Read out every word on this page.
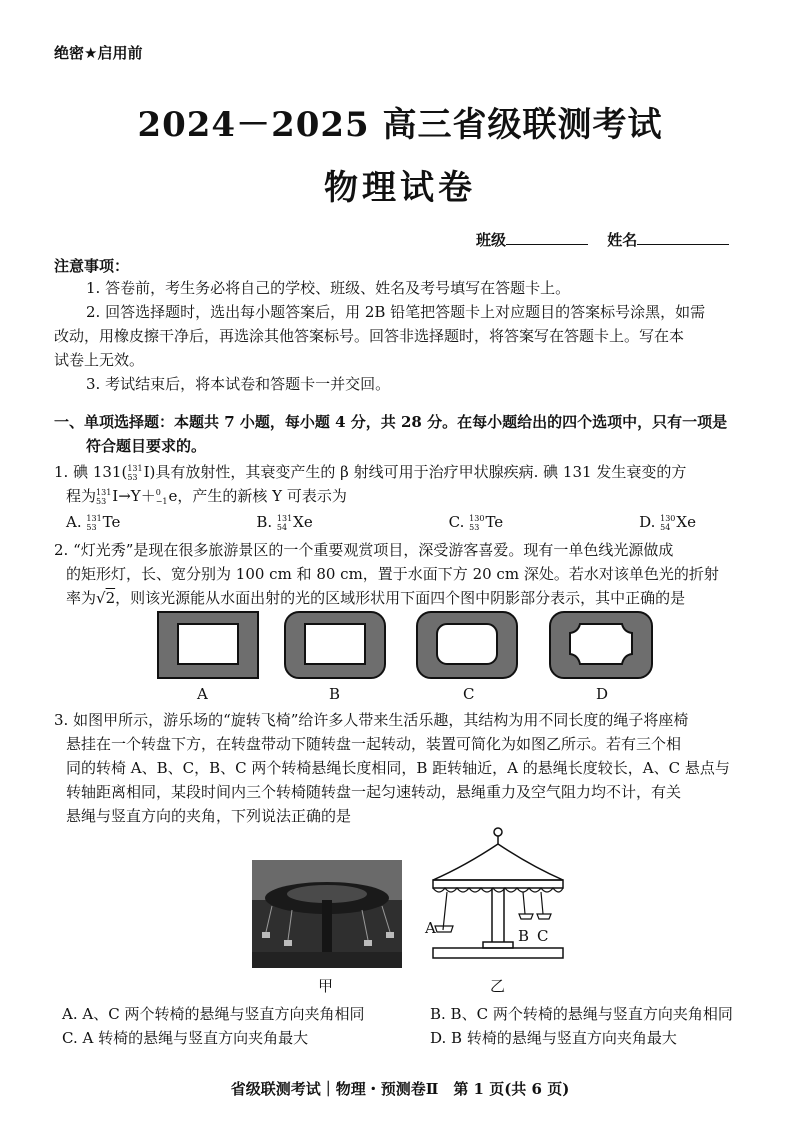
绝密★启用前
2024－2025 高三省级联测考试
物理试卷
班级	姓名
注意事项：
1. 答卷前，考生务必将自己的学校、班级、姓名及考号填写在答题卡上。
2. 回答选择题时，选出每小题答案后，用 2B 铅笔把答题卡上对应题目的答案标号涂黑，如需
改动，用橡皮擦干净后，再选涂其他答案标号。回答非选择题时，将答案写在答题卡上。写在本
试卷上无效。
3. 考试结束后，将本试卷和答题卡一并交回。
一、单项选择题：本题共 7 小题，每小题 4 分，共 28 分。在每小题给出的四个选项中，只有一项是
符合题目要求的。
1. 碘 131( 131
53 I)具有放射性，其衰变产生的 β 射线可用于治疗甲状腺疾病. 碘 131 发生衰变的方
程为 131
53 I→Y＋ 0
−1 e，产生的新核 Y 可表示为
A. 131
53 Te	B. 131
54 Xe	C. 130
53 Te	D. 130
54 Xe
2. “灯光秀”是现在很多旅游景区的一个重要观赏项目，深受游客喜爱。现有一单色线光源做成
的矩形灯，长、宽分别为 100 cm 和 80 cm，置于水面下方 20 cm 深处。若水对该单色光的折射
率为√2，则该光源能从水面出射的光的区域形状用下面四个图中阴影部分表示，其中正确的是
A	B	C	D
3. 如图甲所示，游乐场的“旋转飞椅”给许多人带来生活乐趣，其结构为用不同长度的绳子将座椅
悬挂在一个转盘下方，在转盘带动下随转盘一起转动，装置可简化为如图乙所示。若有三个相
同的转椅 A、B、C，B、C 两个转椅悬绳长度相同，B 距转轴近，A 的悬绳长度较长，A、C 悬点与
转轴距离相同，某段时间内三个转椅随转盘一起匀速转动，悬绳重力及空气阻力均不计，有关
悬绳与竖直方向的夹角，下列说法正确的是
甲
A	B C
乙
A. A、C 两个转椅的悬绳与竖直方向夹角相同	B. B、C 两个转椅的悬绳与竖直方向夹角相同
C. A 转椅的悬绳与竖直方向夹角最大	D. B 转椅的悬绳与竖直方向夹角最大
省级联测考试｜物理・预测卷Ⅱ　第 1 页(共 6 页)
